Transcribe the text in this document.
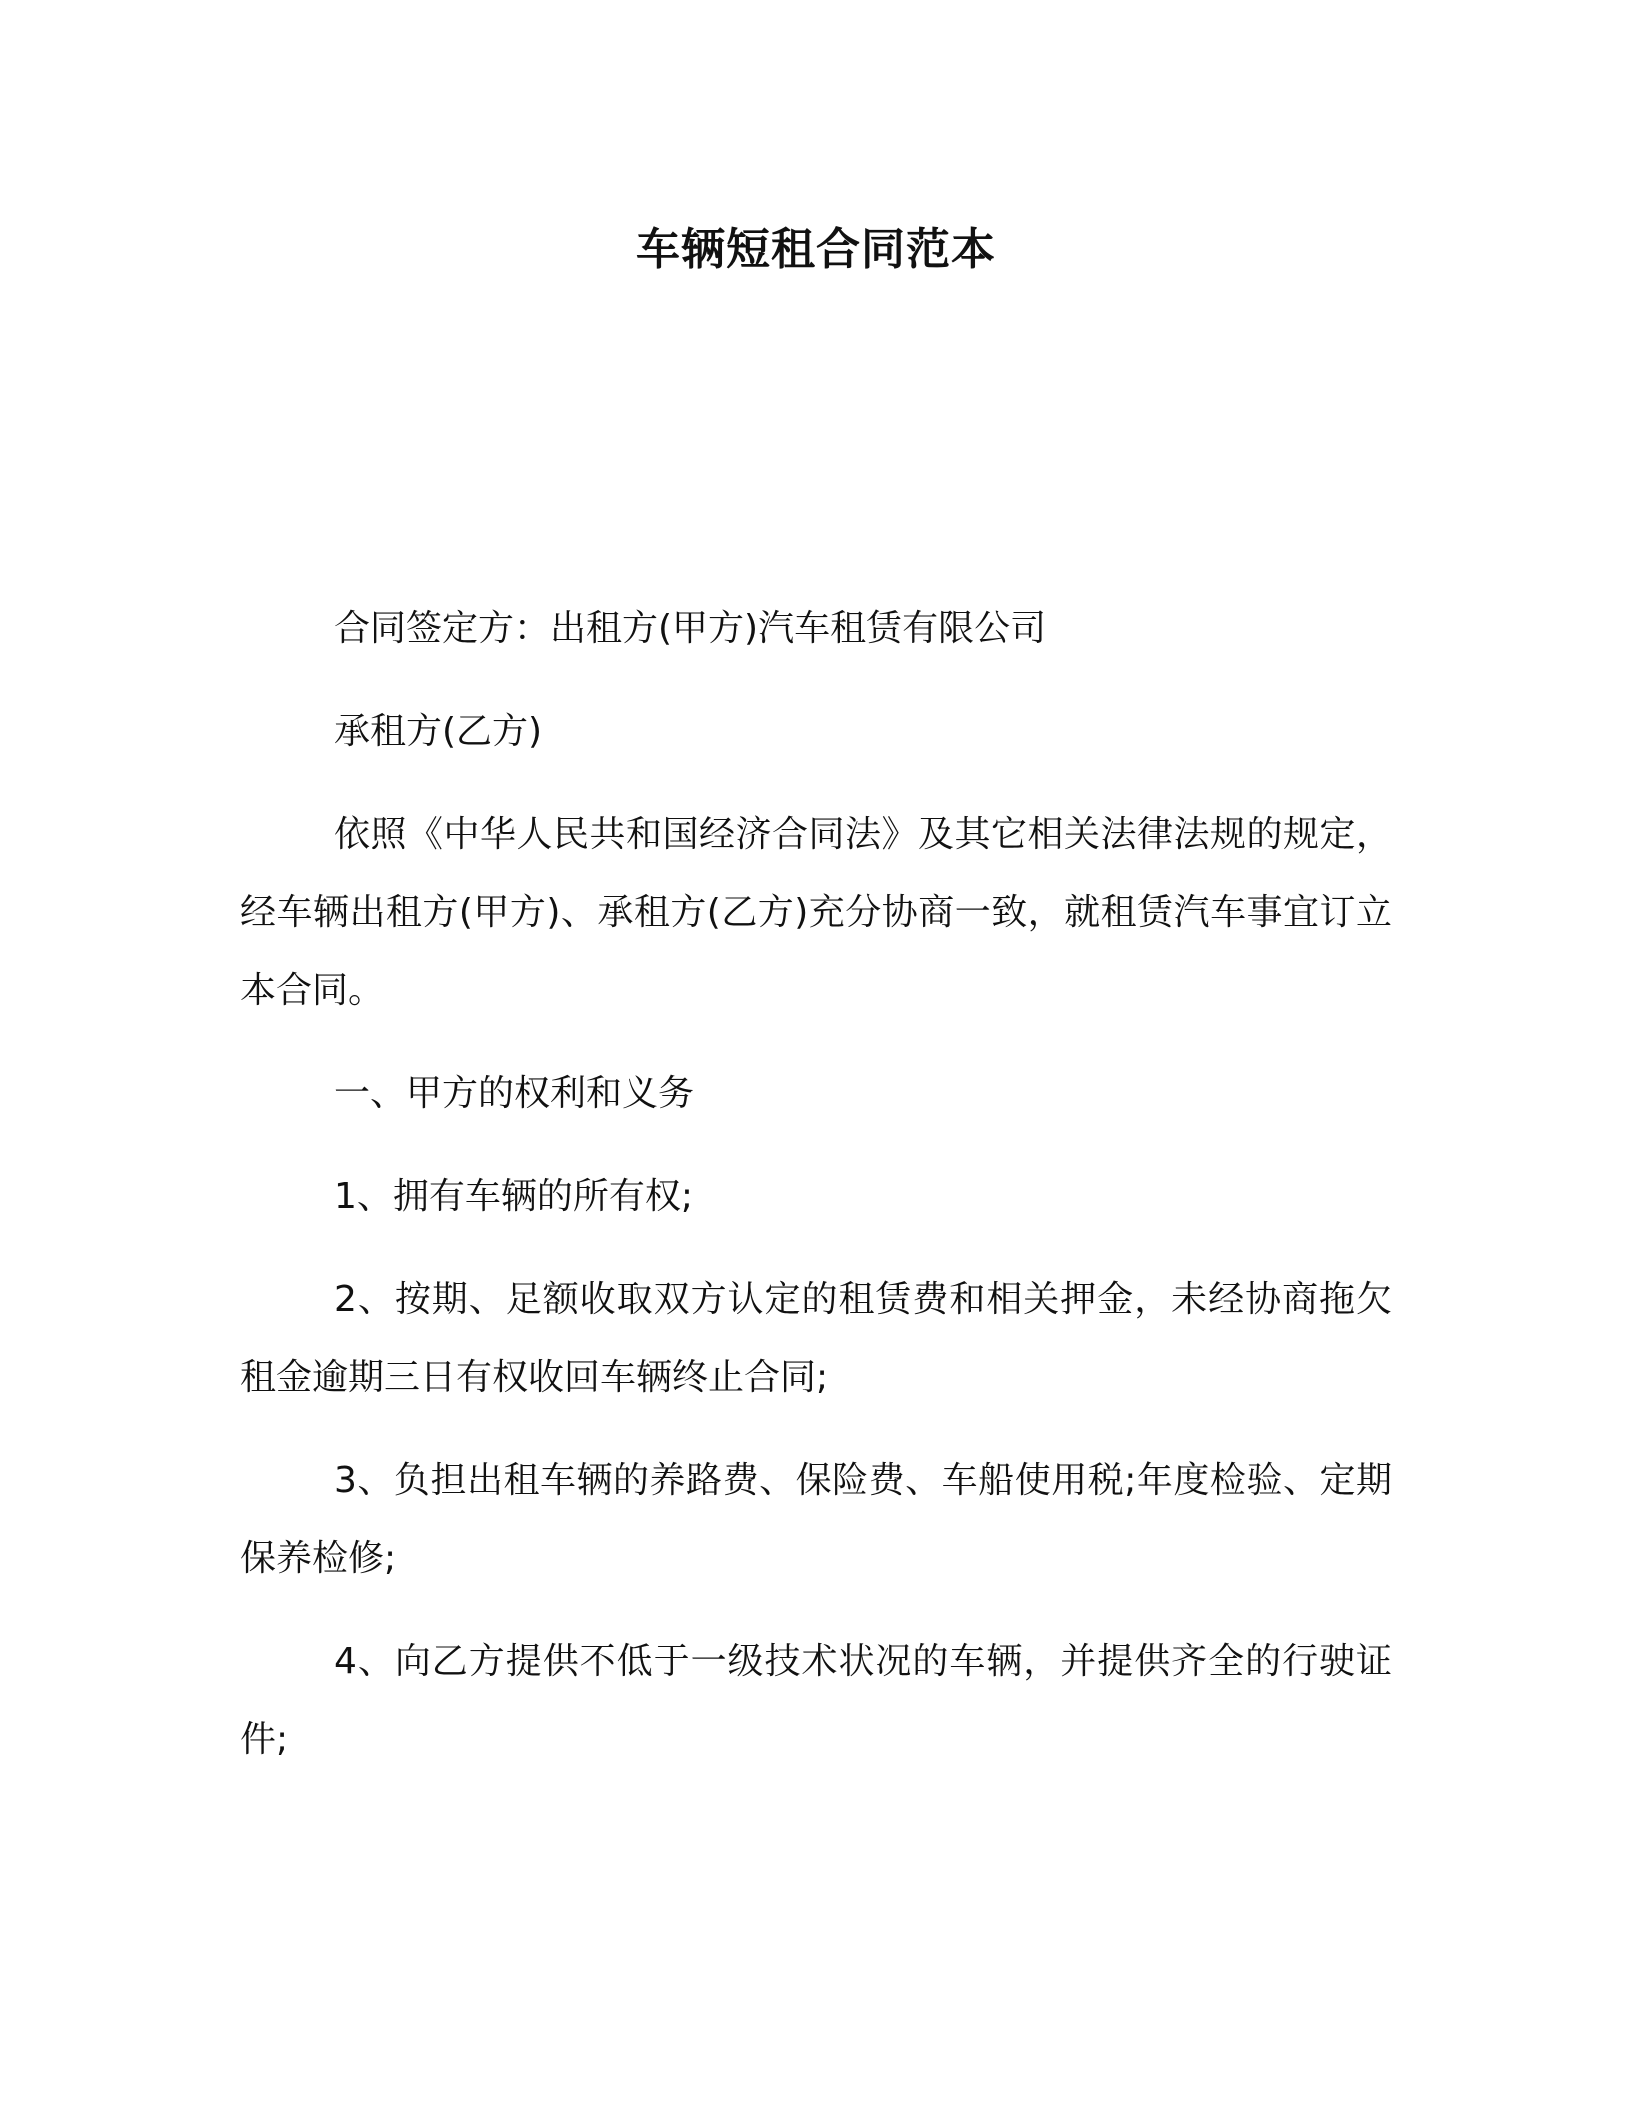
车辆短租合同范本

合同签定方：出租方(甲方)汽车租赁有限公司

承租方(乙方)

依照《中华人民共和国经济合同法》及其它相关法律法规的规定，经车辆出租方(甲方)、承租方(乙方)充分协商一致，就租赁汽车事宜订立本合同。

一、甲方的权利和义务

1、拥有车辆的所有权;

2、按期、足额收取双方认定的租赁费和相关押金，未经协商拖欠租金逾期三日有权收回车辆终止合同;

3、负担出租车辆的养路费、保险费、车船使用税;年度检验、定期保养检修;

4、向乙方提供不低于一级技术状况的车辆，并提供齐全的行驶证件;
